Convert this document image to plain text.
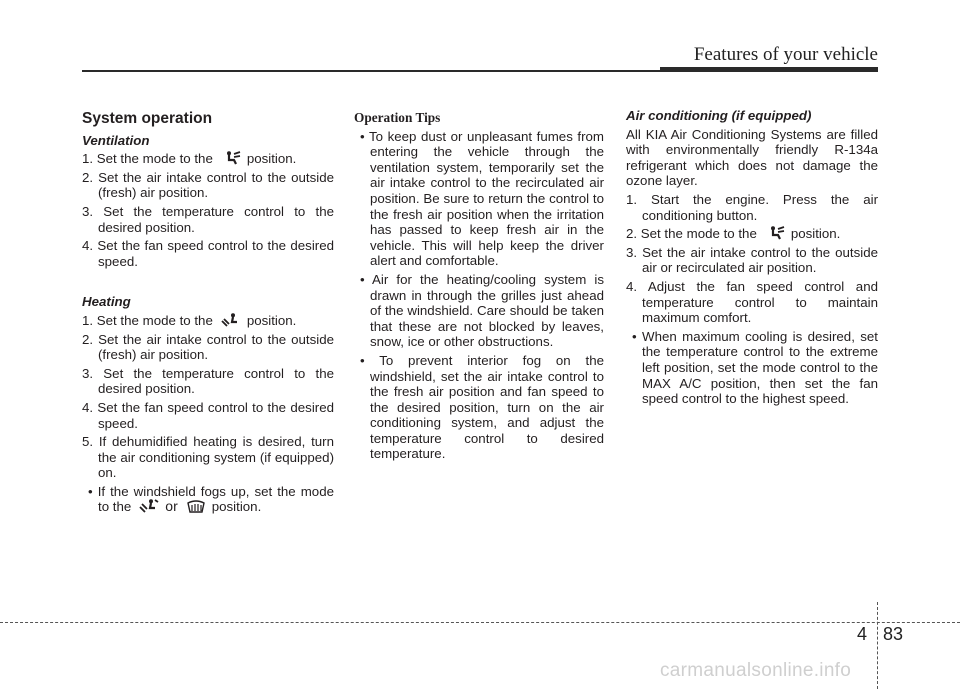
Features of your vehicle
System operation
Ventilation
1. Set the mode to the	position.
2. Set the air intake control to the outside (fresh) air position.
3. Set the temperature control to the desired position.
4. Set the fan speed control to the desired speed.
Heating
1. Set the mode to the	position.
2. Set the air intake control to the outside (fresh) air position.
3. Set the temperature control to the desired position.
4. Set the fan speed control to the desired speed.
5. If dehumidified heating is desired, turn the air conditioning system (if equipped) on.
• If the windshield fogs up, set the mode to the or	position.
Operation Tips
• To keep dust or unpleasant fumes from entering the vehicle through the ventilation system, temporarily set the air intake control to the recirculated air position. Be sure to return the control to the fresh air position when the irritation has passed to keep fresh air in the vehicle. This will help keep the driver alert and comfortable.
• Air for the heating/cooling system is drawn in through the grilles just ahead of the windshield. Care should be taken that these are not blocked by leaves, snow, ice or other obstructions.
• To prevent interior fog on the windshield, set the air intake control to the fresh air position and fan speed to the desired position, turn on the air conditioning system, and adjust the temperature control to desired temperature.
Air conditioning (if equipped)

All KIA Air Conditioning Systems are filled with environmentally friendly R-134a refrigerant which does not damage the ozone layer.

1. Start the engine. Press the air conditioning button.
2. Set the mode to the	position.
3. Set the air intake control to the outside air or recirculated air position.
4. Adjust the fan speed control and temperature control to maintain maximum comfort.
• When maximum cooling is desired, set the temperature control to the extreme left position, set the mode control to the MAX A/C position, then set the fan speed control to the highest speed.
4 83
carmanualsonline.info
